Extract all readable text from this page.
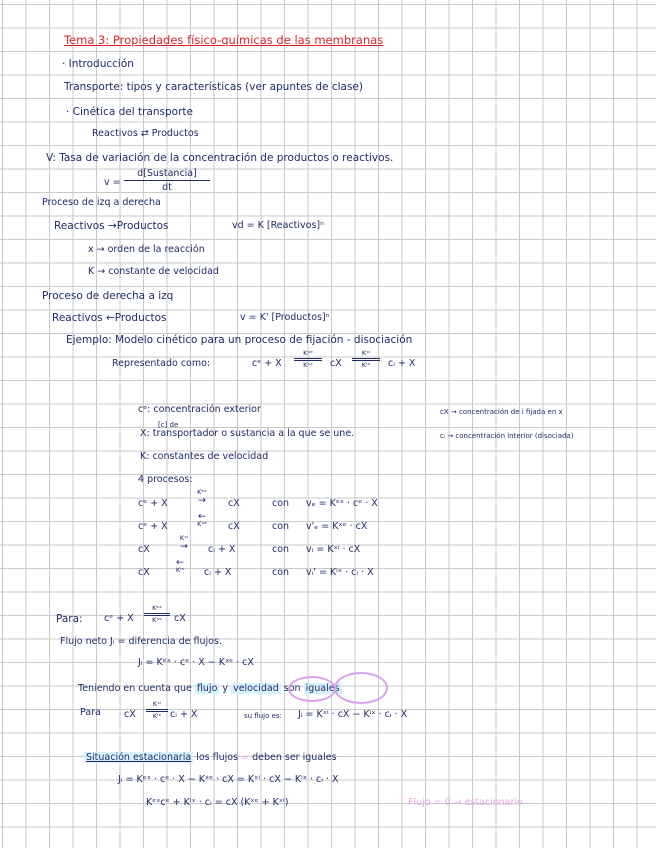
Tema 3: Propiedades físico-químicas de las membranas
· Introducción
Transporte: tipos y características (ver apuntes de clase)
· Cinética del transporte
Reactivos ⇄ Productos
V: Tasa de variación de la concentración de productos o reactivos.
v =
d[Sustancia]
dt
Proceso de izq a derecha
Reactivos →Productos	vd = K [Reactivos]ⁿ
x → orden de la reacción
K → constante de velocidad
Proceso de derecha a izq
Reactivos ←Productos	v = K' [Productos]ⁿ
Ejemplo: Modelo cinético para un proceso de fijación - disociación
Representado como:	cᵉ + X
Kˣᵉ
Kᵉˣ	cX
Kˣⁱ
Kⁱˣ	cᵢ + X
cᵉ: concentración exterior
[c] de
X: transportador o sustancia a la que se une.
K: constantes de velocidad
cX → concentración de i fijada en x
cᵢ → concentración interior (disociada)
4 procesos:
cᵉ + X
Kᵉˣ
→	cX	con vₑ = Kᵉˣ · cᵉ · X
cᵉ + X
←
Kˣᵉ	cX	con v'ₑ = Kˣᵉ · cX
cX
Kˣⁱ
→	cᵢ + X	con vᵢ = Kˣⁱ · cX
cX
←
Kⁱˣ	cᵢ + X	con vᵢ' = Kⁱˣ · cᵢ · X
Para: cᵉ + X
Kᵉˣ
Kˣᵉ	cX
Flujo neto Jᵢ = diferencia de flujos.
Jᵢ = Kᵉˣ · cᵉ · X − Kˣᵉ · cX
Teniendo en cuenta que flujo y velocidad son iguales
Para cX
Kˣⁱ
Kⁱˣ cᵢ + X	su flujo es: Jᵢ = Kˣⁱ · cX − Kⁱˣ · cᵢ · X
Situación estacionaria los flujos = deben ser iguales
Jᵢ = Kᵉˣ · cᵉ · X − Kˣᵉ · cX = Kˣⁱ · cX − Kⁱˣ · cᵢ · X
Kᵉˣcᵉ + Kⁱˣ · cᵢ = cX (Kˣᵉ + Kˣⁱ)	Flujo = 0 → estacionario
